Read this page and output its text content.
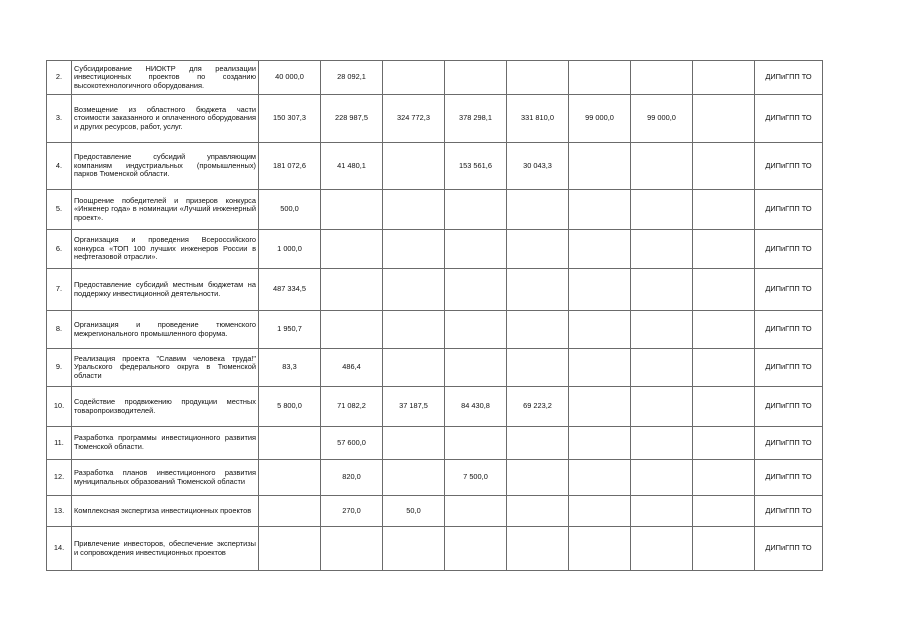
2.	Субсидирование НИОКТР для реализации инвестиционных проектов по созданию высокотехнологичного оборудования.	40 000,0	28 092,1							ДИПиГПП ТО
3.	Возмещение из областного бюджета части стоимости заказанного и оплаченного оборудования и других ресурсов, работ, услуг.	150 307,3	228 987,5	324 772,3	378 298,1	331 810,0	99 000,0	99 000,0		ДИПиГПП ТО
4.	Предоставление субсидий управляющим компаниям индустриальных (промышленных) парков Тюменской области.	181 072,6	41 480,1		153 561,6	30 043,3				ДИПиГПП ТО
5.	Поощрение победителей и призеров конкурса «Инженер года» в номинации «Лучший инженерный проект».	500,0								ДИПиГПП ТО
6.	Организация и проведения Всероссийского конкурса «ТОП 100 лучших инженеров России в нефтегазовой отрасли».	1 000,0								ДИПиГПП ТО
7.	Предоставление субсидий местным бюджетам на поддержку инвестиционной деятельности.	487 334,5								ДИПиГПП ТО
8.	Организация и проведение тюменского межрегионального промышленного форума.	1 950,7								ДИПиГПП ТО
9.	Реализация проекта "Славим человека труда!" Уральского федерального округа в Тюменской области	83,3	486,4							ДИПиГПП ТО
10.	Содействие продвижению продукции местных товаропроизводителей.	5 800,0	71 082,2	37 187,5	84 430,8	69 223,2				ДИПиГПП ТО
11.	Разработка программы инвестиционного развития Тюменской области.		57 600,0							ДИПиГПП ТО
12.	Разработка планов инвестиционного развития муниципальных образований Тюменской области		820,0		7 500,0					ДИПиГПП ТО
13.	Комплексная экспертиза инвестиционных проектов		270,0	50,0						ДИПиГПП ТО
14.	Привлечение инвесторов, обеспечение экспертизы и сопровождения инвестиционных проектов									ДИПиГПП ТО
